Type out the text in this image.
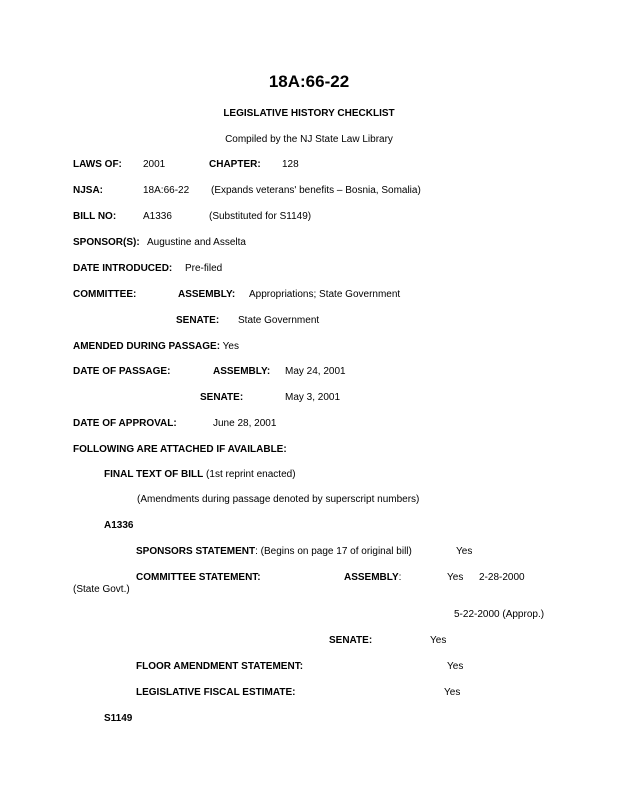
18A:66-22
LEGISLATIVE HISTORY CHECKLIST
Compiled by the NJ State Law Library
LAWS OF: 2001	CHAPTER: 128
NJSA:	18A:66-22 (Expands veterans' benefits – Bosnia, Somalia)
BILL NO:	A1336	(Substituted for S1149)
SPONSOR(S): Augustine and Asselta
DATE INTRODUCED: Pre-filed
COMMITTEE:	ASSEMBLY: Appropriations; State Government
SENATE: State Government
AMENDED DURING PASSAGE: Yes
DATE OF PASSAGE:	ASSEMBLY: May 24, 2001
SENATE:	May 3, 2001
DATE OF APPROVAL:	June 28, 2001
FOLLOWING ARE ATTACHED IF AVAILABLE:
FINAL TEXT OF BILL (1st reprint enacted)
(Amendments during passage denoted by superscript numbers)
A1336
SPONSORS STATEMENT: (Begins on page 17 of original bill)	Yes
COMMITTEE STATEMENT:	ASSEMBLY:	Yes 2-28-2000
(State Govt.)
5-22-2000 (Approp.)
SENATE:	Yes
FLOOR AMENDMENT STATEMENT:	Yes
LEGISLATIVE FISCAL ESTIMATE:	Yes
S1149
